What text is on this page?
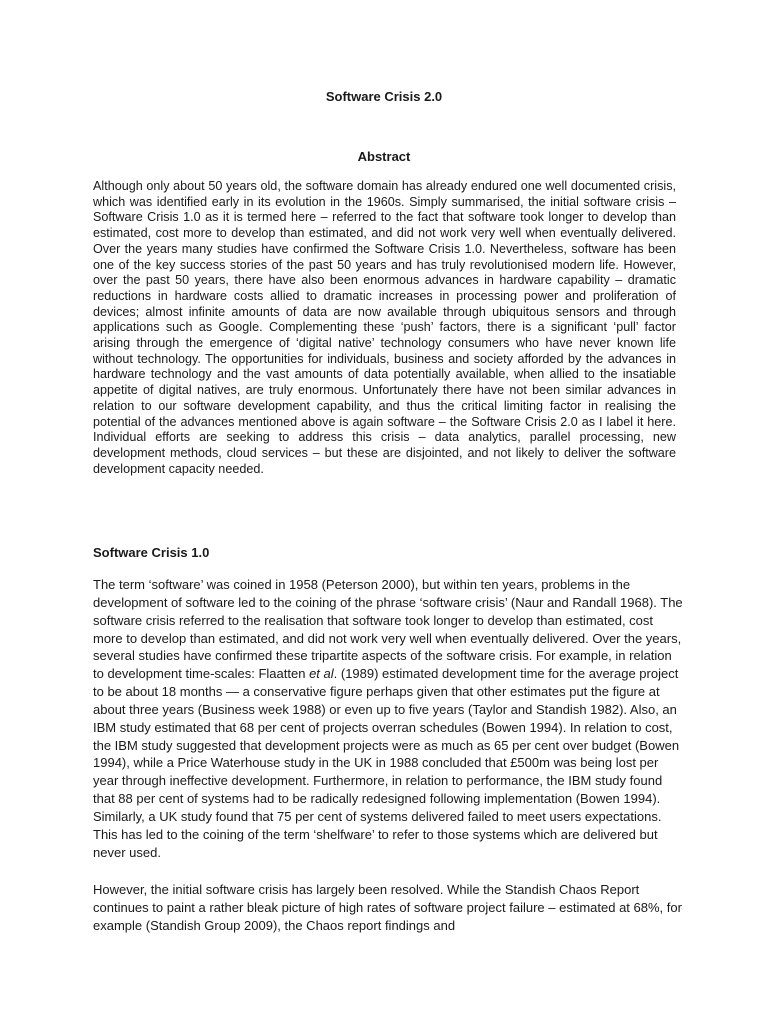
Software Crisis 2.0
Abstract

Although only about 50 years old, the software domain has already endured one well documented crisis, which was identified early in its evolution in the 1960s. Simply summarised, the initial software crisis – Software Crisis 1.0 as it is termed here – referred to the fact that software took longer to develop than estimated, cost more to develop than estimated, and did not work very well when eventually delivered. Over the years many studies have confirmed the Software Crisis 1.0. Nevertheless, software has been one of the key success stories of the past 50 years and has truly revolutionised modern life. However, over the past 50 years, there have also been enormous advances in hardware capability – dramatic reductions in hardware costs allied to dramatic increases in processing power and proliferation of devices; almost infinite amounts of data are now available through ubiquitous sensors and through applications such as Google. Complementing these ‘push’ factors, there is a significant ‘pull’ factor arising through the emergence of ‘digital native’ technology consumers who have never known life without technology. The opportunities for individuals, business and society afforded by the advances in hardware technology and the vast amounts of data potentially available, when allied to the insatiable appetite of digital natives, are truly enormous. Unfortunately there have not been similar advances in relation to our software development capability, and thus the critical limiting factor in realising the potential of the advances mentioned above is again software – the Software Crisis 2.0 as I label it here. Individual efforts are seeking to address this crisis – data analytics, parallel processing, new development methods, cloud services – but these are disjointed, and not likely to deliver the software development capacity needed.

Software Crisis 1.0

The term ‘software’ was coined in 1958 (Peterson 2000), but within ten years, problems in the development of software led to the coining of the phrase ‘software crisis’ (Naur and Randall 1968). The software crisis referred to the realisation that software took longer to develop than estimated, cost more to develop than estimated, and did not work very well when eventually delivered. Over the years, several studies have confirmed these tripartite aspects of the software crisis. For example, in relation to development time-scales: Flaatten et al. (1989) estimated development time for the average project to be about 18 months — a conservative figure perhaps given that other estimates put the figure at about three years (Business week 1988) or even up to five years (Taylor and Standish 1982). Also, an IBM study estimated that 68 per cent of projects overran schedules (Bowen 1994). In relation to cost, the IBM study suggested that development projects were as much as 65 per cent over budget (Bowen 1994), while a Price Waterhouse study in the UK in 1988 concluded that £500m was being lost per year through ineffective development. Furthermore, in relation to performance, the IBM study found that 88 per cent of systems had to be radically redesigned following implementation (Bowen 1994). Similarly, a UK study found that 75 per cent of systems delivered failed to meet users expectations. This has led to the coining of the term ‘shelfware’ to refer to those systems which are delivered but never used.

However, the initial software crisis has largely been resolved. While the Standish Chaos Report continues to paint a rather bleak picture of high rates of software project failure – estimated at 68%, for example (Standish Group 2009), the Chaos report findings and
